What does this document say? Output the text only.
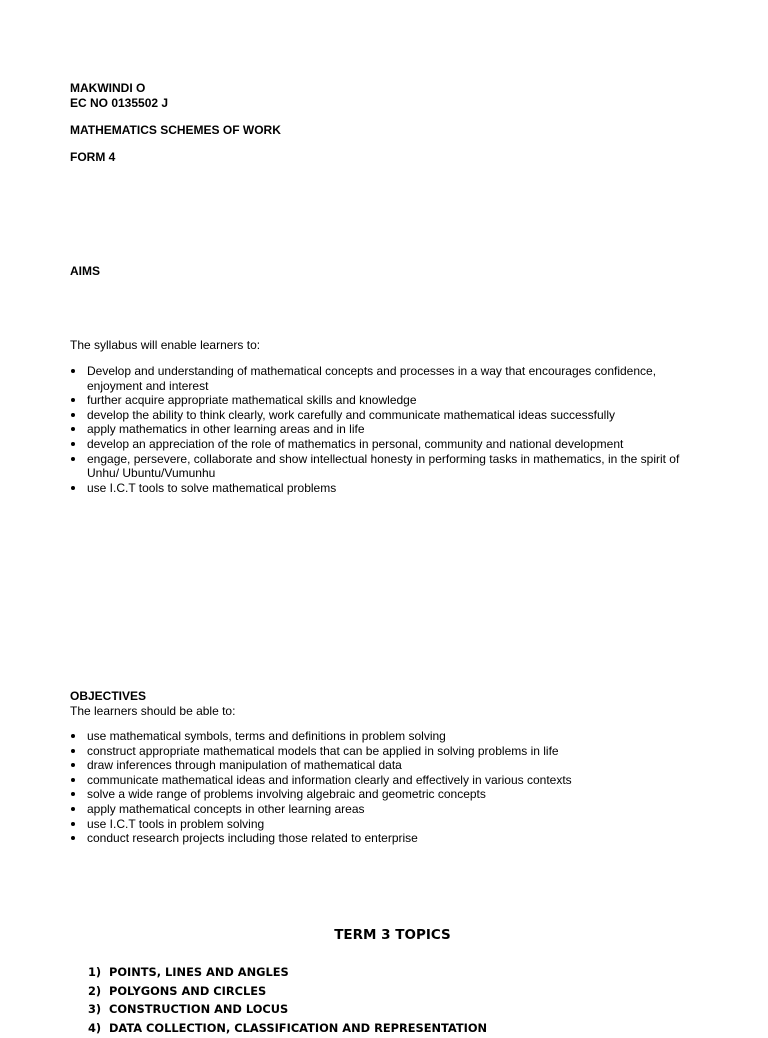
MAKWINDI O
EC NO 0135502 J
MATHEMATICS SCHEMES OF WORK
FORM 4
AIMS
The syllabus will enable learners to:
Develop and understanding of mathematical concepts and processes in a way that encourages confidence, enjoyment and interest
further acquire appropriate mathematical skills and knowledge
develop the ability to think clearly, work carefully and communicate mathematical ideas successfully
apply mathematics in other learning areas and in life
develop an appreciation of the role of mathematics in personal, community and national development
engage, persevere, collaborate and show intellectual honesty in performing tasks in mathematics, in the spirit of Unhu/ Ubuntu/Vumunhu
use I.C.T tools to solve mathematical problems
OBJECTIVES
The learners should be able to:
use mathematical symbols, terms and definitions in problem solving
construct appropriate mathematical models that can be applied in solving problems in life
draw inferences through manipulation of mathematical data
communicate mathematical ideas and information clearly and effectively in various contexts
solve a wide range of problems involving algebraic and geometric concepts
apply mathematical concepts in other learning areas
use I.C.T tools in problem solving
conduct research projects including those related to enterprise
TERM 3 TOPICS
1) POINTS, LINES AND ANGLES
2) POLYGONS AND CIRCLES
3) CONSTRUCTION AND LOCUS
4) DATA COLLECTION, CLASSIFICATION AND REPRESENTATION
